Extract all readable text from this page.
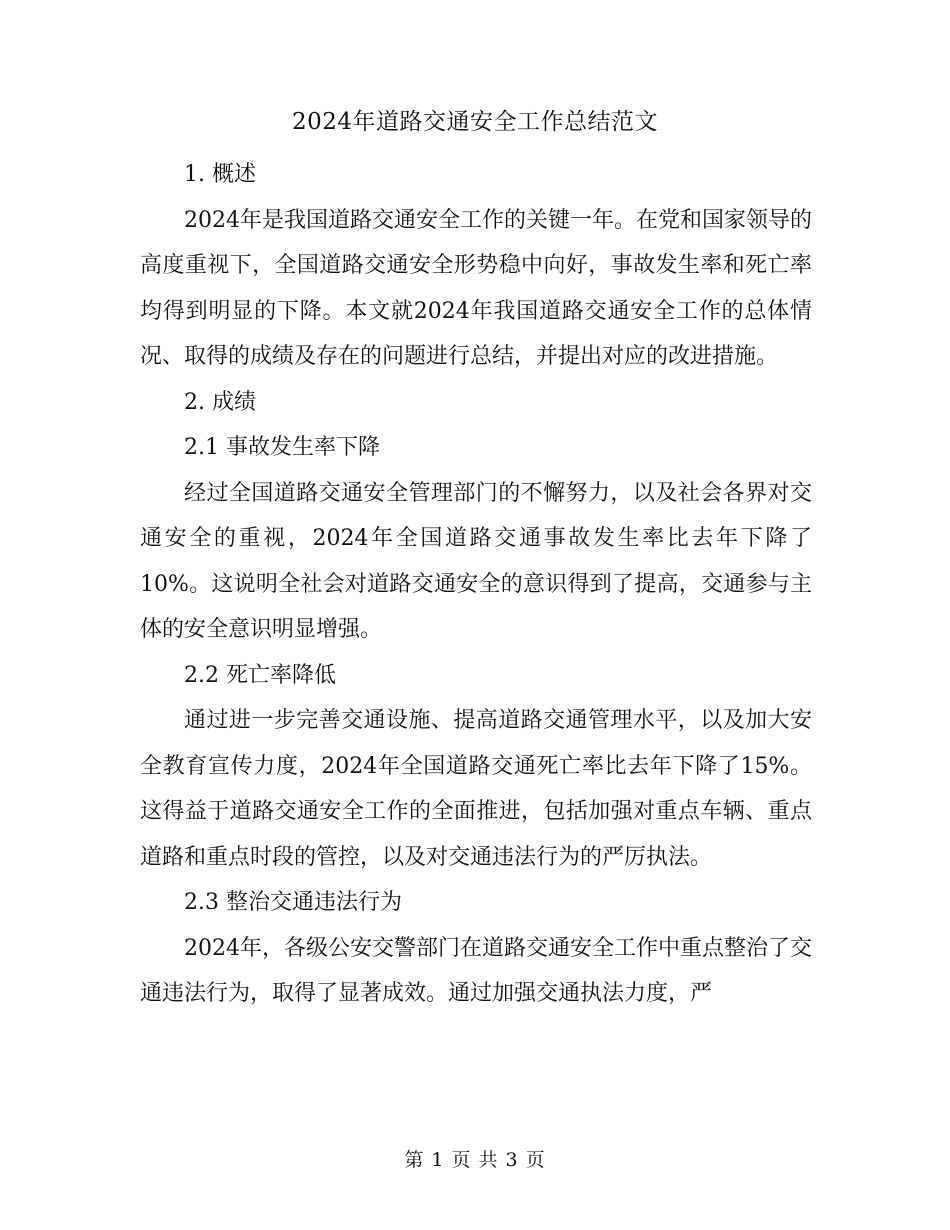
2024年道路交通安全工作总结范文

1. 概述

2024年是我国道路交通安全工作的关键一年。在党和国家领导的高度重视下，全国道路交通安全形势稳中向好，事故发生率和死亡率均得到明显的下降。本文就2024年我国道路交通安全工作的总体情况、取得的成绩及存在的问题进行总结，并提出对应的改进措施。

2. 成绩

2.1 事故发生率下降

经过全国道路交通安全管理部门的不懈努力，以及社会各界对交通安全的重视，2024年全国道路交通事故发生率比去年下降了10%。这说明全社会对道路交通安全的意识得到了提高，交通参与主体的安全意识明显增强。

2.2 死亡率降低

通过进一步完善交通设施、提高道路交通管理水平，以及加大安全教育宣传力度，2024年全国道路交通死亡率比去年下降了15%。这得益于道路交通安全工作的全面推进，包括加强对重点车辆、重点道路和重点时段的管控，以及对交通违法行为的严厉执法。

2.3 整治交通违法行为

2024年，各级公安交警部门在道路交通安全工作中重点整治了交通违法行为，取得了显著成效。通过加强交通执法力度，严

第 1 页 共 3 页
